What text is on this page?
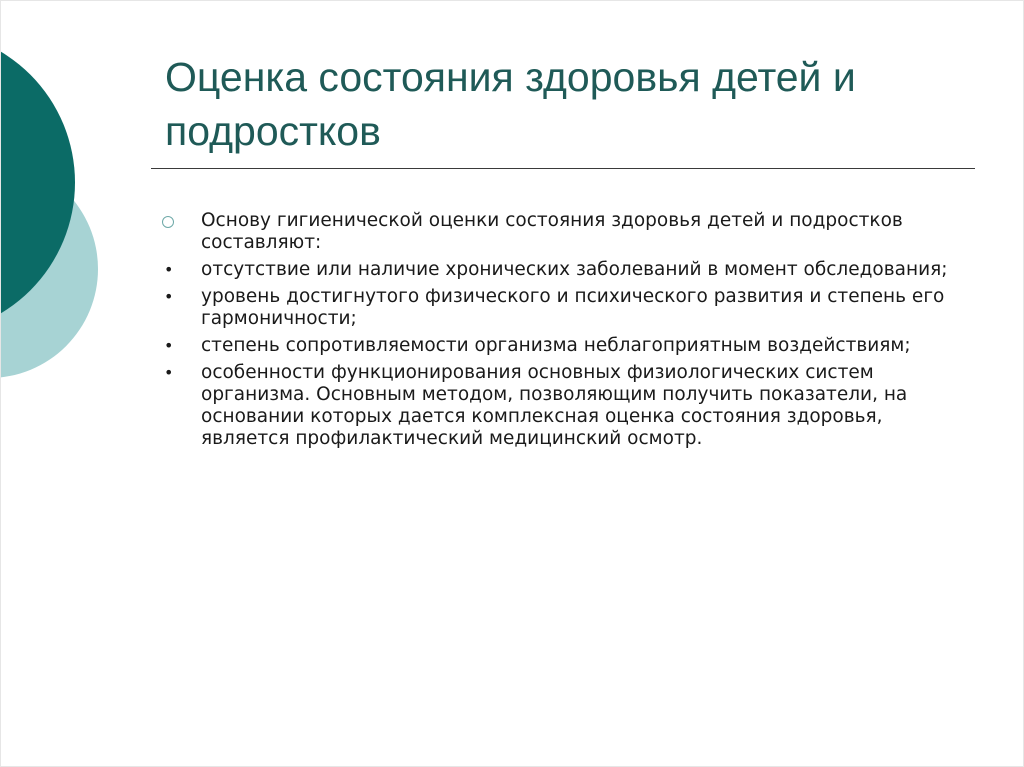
Оценка состояния здоровья детей и подростков
Основу гигиенической оценки состояния здоровья детей и подростков составляют:
• отсутствие или наличие хронических заболеваний в момент обследования;
• уровень достигнутого физического и психического развития и степень его гармоничности;
• степень сопротивляемости организма неблагоприятным воздействиям;
• особенности функционирования основных физиологических систем организма. Основным методом, позволяющим получить показатели, на основании которых дается комплексная оценка состояния здоровья, является профилактический медицинский осмотр.
